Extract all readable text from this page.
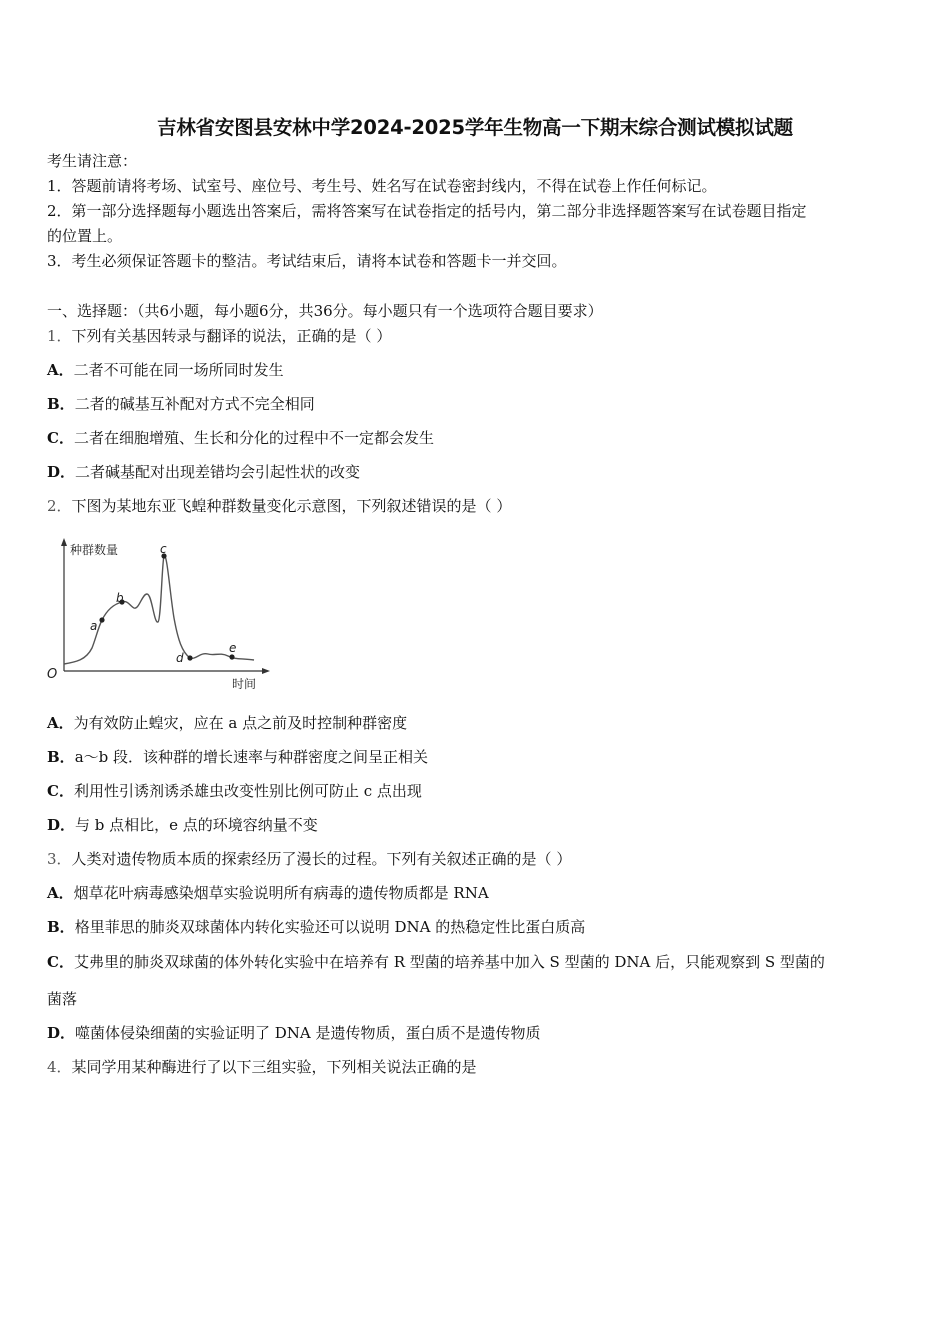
吉林省安图县安林中学2024-2025学年生物高一下期末综合测试模拟试题
考生请注意：
1．答题前请将考场、试室号、座位号、考生号、姓名写在试卷密封线内，不得在试卷上作任何标记。
2．第一部分选择题每小题选出答案后，需将答案写在试卷指定的括号内，第二部分非选择题答案写在试卷题目指定
的位置上。
3．考生必须保证答题卡的整洁。考试结束后，请将本试卷和答题卡一并交回。
一、选择题：（共6小题，每小题6分，共36分。每小题只有一个选项符合题目要求）
1．下列有关基因转录与翻译的说法，正确的是（ ）
A．二者不可能在同一场所同时发生
B．二者的碱基互补配对方式不完全相同
C．二者在细胞增殖、生长和分化的过程中不一定都会发生
D．二者碱基配对出现差错均会引起性状的改变
2．下图为某地东亚飞蝗种群数量变化示意图，下列叙述错误的是（ ）
种群数量
时间
O
a
b
c
d
e
A．为有效防止蝗灾，应在 a 点之前及时控制种群密度
B．a～b 段．该种群的增长速率与种群密度之间呈正相关
C．利用性引诱剂诱杀雄虫改变性别比例可防止 c 点出现
D．与 b 点相比，e 点的环境容纳量不变
3．人类对遗传物质本质的探索经历了漫长的过程。下列有关叙述正确的是（ ）
A．烟草花叶病毒感染烟草实验说明所有病毒的遗传物质都是 RNA
B．格里菲思的肺炎双球菌体内转化实验还可以说明 DNA 的热稳定性比蛋白质高
C．艾弗里的肺炎双球菌的体外转化实验中在培养有 R 型菌的培养基中加入 S 型菌的 DNA 后，只能观察到 S 型菌的
菌落
D．噬菌体侵染细菌的实验证明了 DNA 是遗传物质，蛋白质不是遗传物质
4．某同学用某种酶进行了以下三组实验，下列相关说法正确的是
